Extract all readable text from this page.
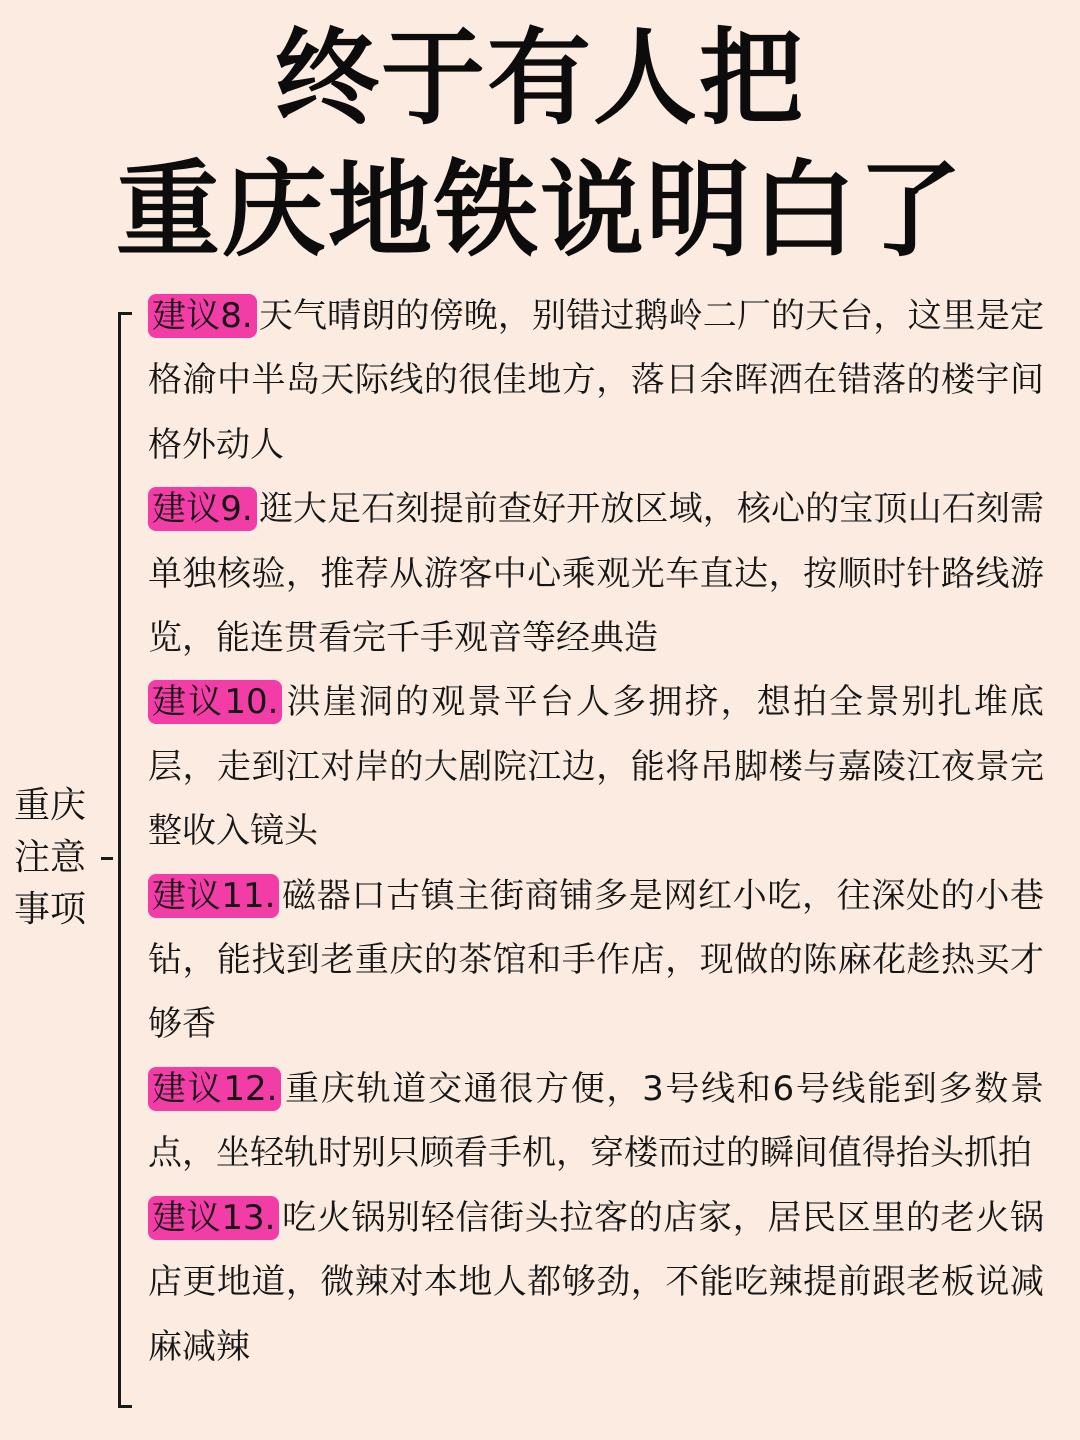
终于有人把
重庆地铁说明白了
重庆
注意
事项

建议8. 天气晴朗的傍晚，别错过鹅岭二厂的天台，这里是定格渝中半岛天际线的很佳地方，落日余晖洒在错落的楼宇间格外动人

建议9. 逛大足石刻提前查好开放区域，核心的宝顶山石刻需单独核验，推荐从游客中心乘观光车直达，按顺时针路线游览，能连贯看完千手观音等经典造

建议10. 洪崖洞的观景平台人多拥挤，想拍全景别扎堆底层，走到江对岸的大剧院江边，能将吊脚楼与嘉陵江夜景完整收入镜头

建议11. 磁器口古镇主街商铺多是网红小吃，往深处的小巷钻，能找到老重庆的茶馆和手作店，现做的陈麻花趁热买才够香

建议12. 重庆轨道交通很方便，3号线和6号线能到多数景点，坐轻轨时别只顾看手机，穿楼而过的瞬间值得抬头抓拍

建议13. 吃火锅别轻信街头拉客的店家，居民区里的老火锅店更地道，微辣对本地人都够劲，不能吃辣提前跟老板说减麻减辣
